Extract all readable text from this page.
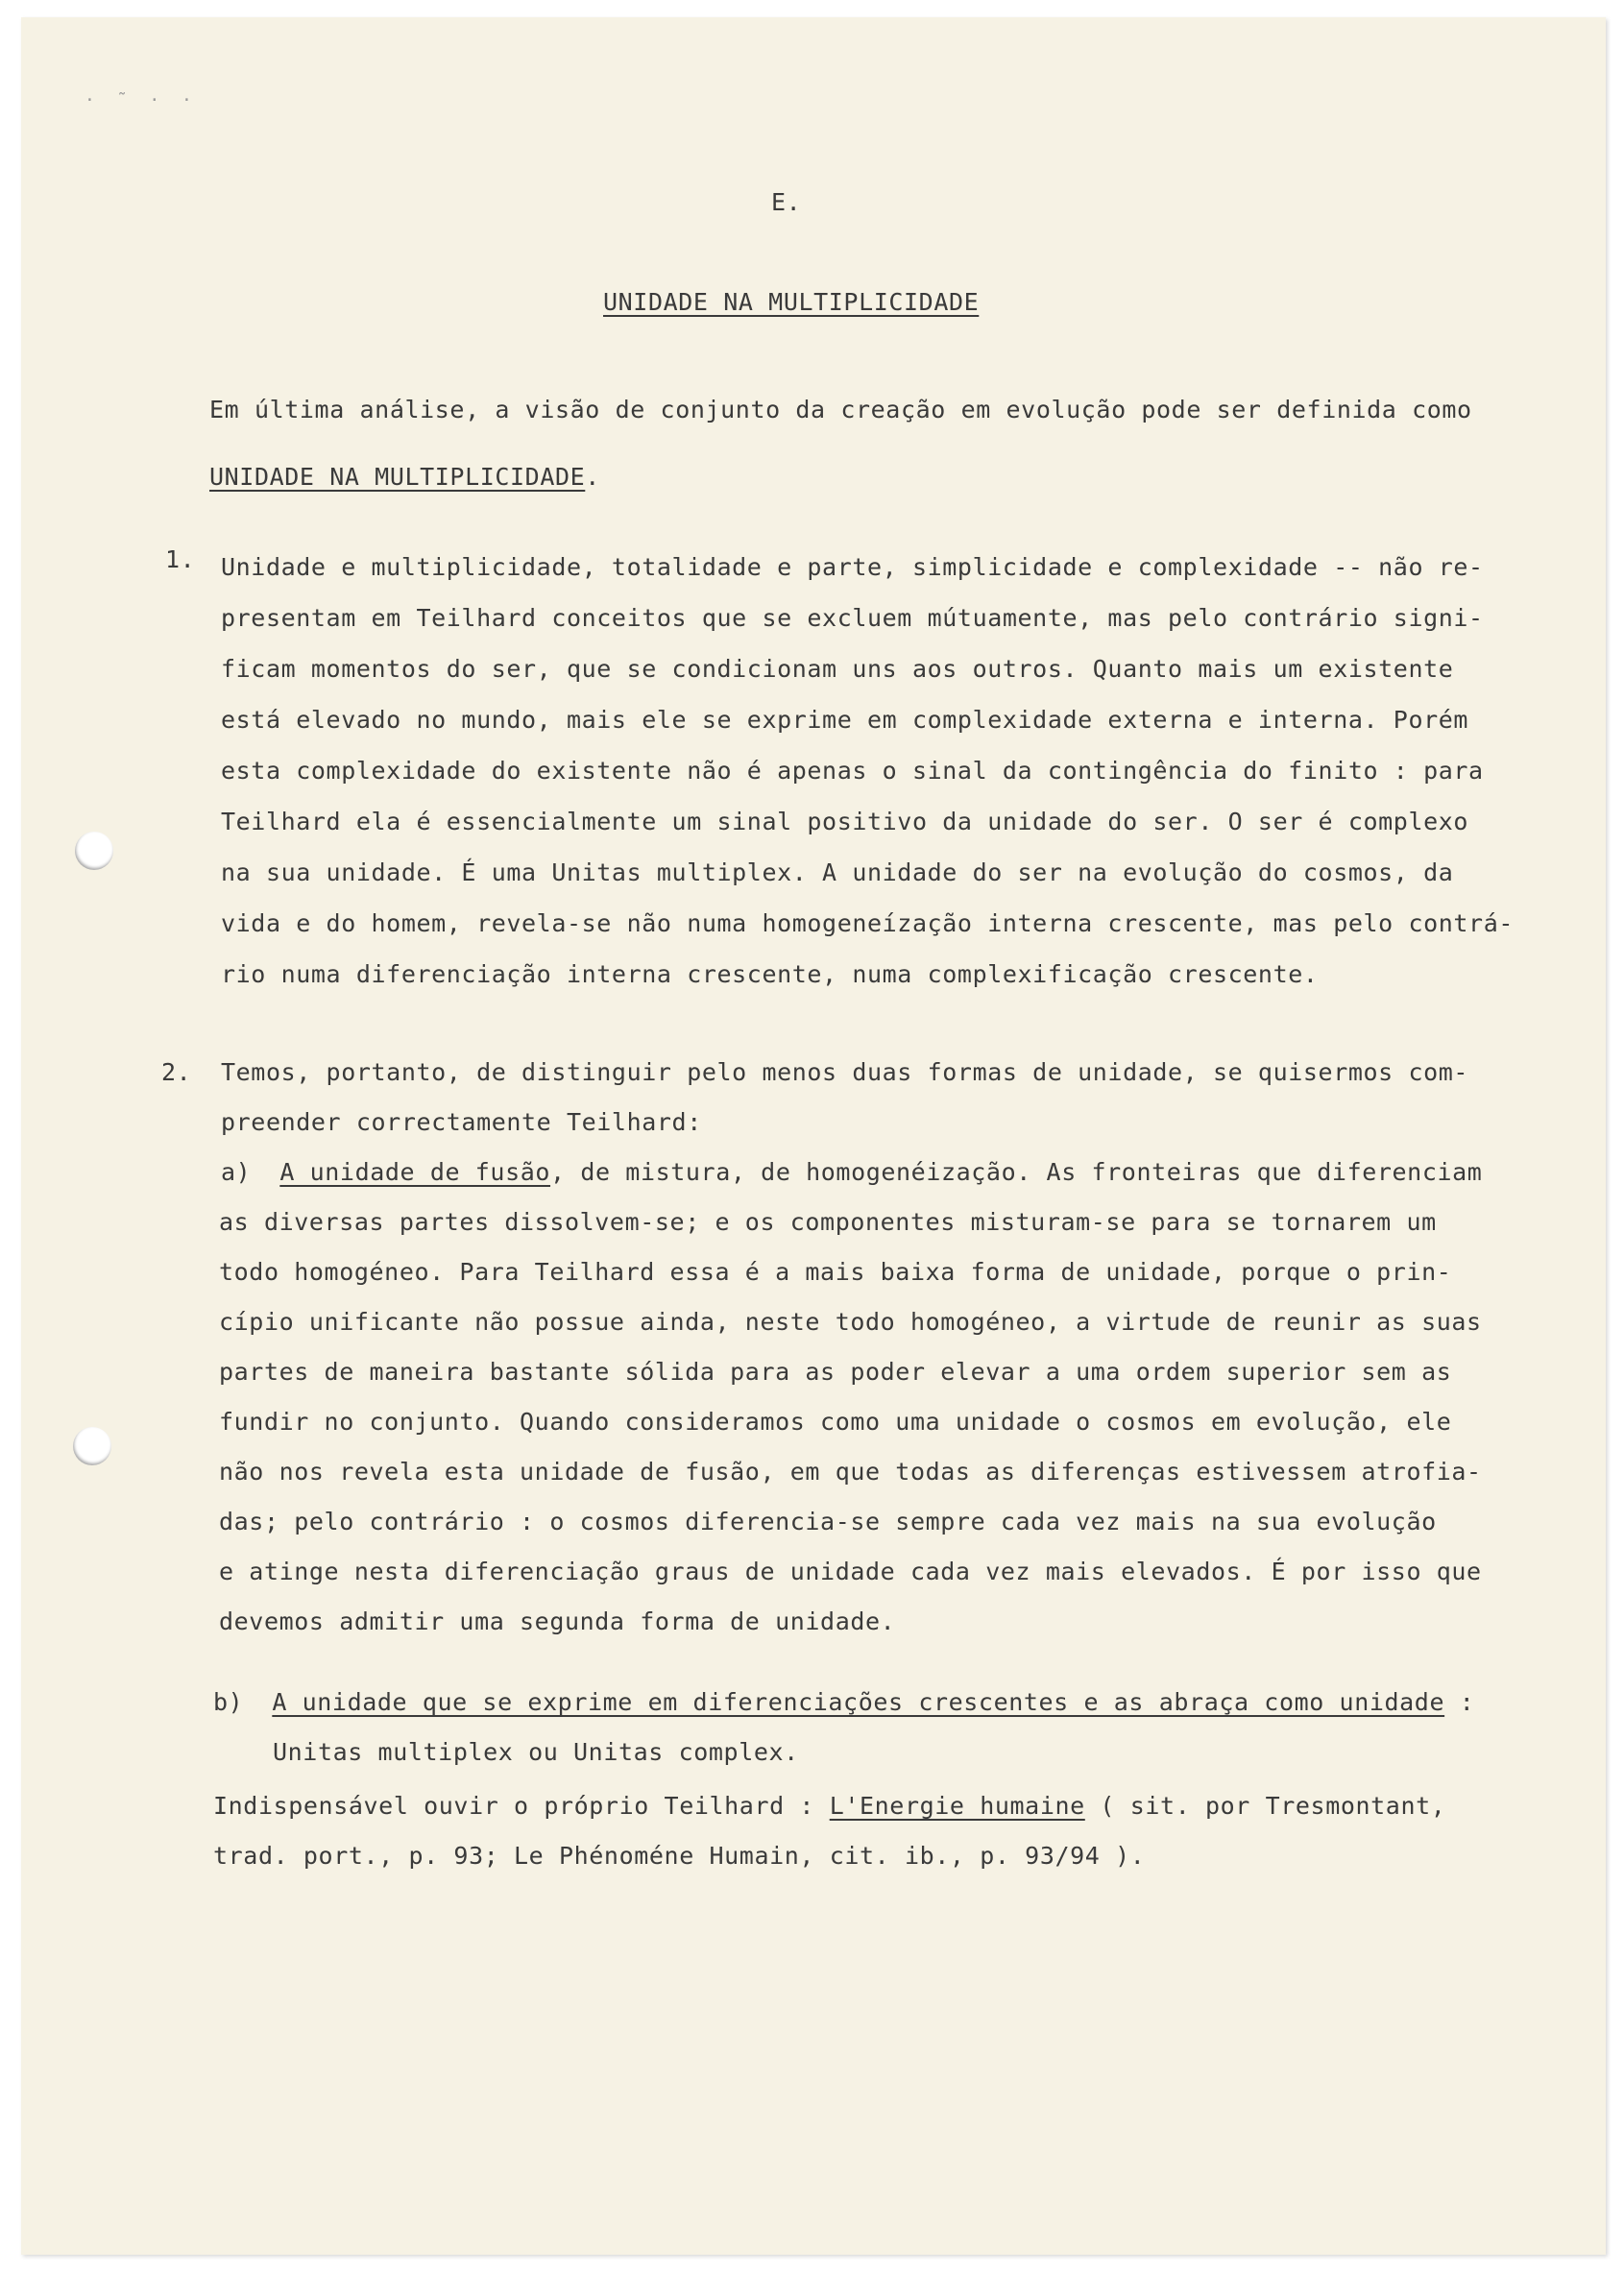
· ˜ · ·
E.
UNIDADE NA MULTIPLICIDADE
Em última análise, a visão de conjunto da creação em evolução pode ser definida como
UNIDADE NA MULTIPLICIDADE.
1. Unidade e multiplicidade, totalidade e parte, simplicidade e complexidade -- não re-
presentam em Teilhard conceitos que se excluem mútuamente, mas pelo contrário signi-
ficam momentos do ser, que se condicionam uns aos outros. Quanto mais um existente
está elevado no mundo, mais ele se exprime em complexidade externa e interna. Porém
esta complexidade do existente não é apenas o sinal da contingência do finito : para
Teilhard ela é essencialmente um sinal positivo da unidade do ser. O ser é complexo
na sua unidade. É uma Unitas multiplex. A unidade do ser na evolução do cosmos, da
vida e do homem, revela-se não numa homogeneízação interna crescente, mas pelo contrá-
rio numa diferenciação interna crescente, numa complexificação crescente.
2. Temos, portanto, de distinguir pelo menos duas formas de unidade, se quisermos com-
preender correctamente Teilhard:
a) A unidade de fusão, de mistura, de homogenéização. As fronteiras que diferenciam
as diversas partes dissolvem-se; e os componentes misturam-se para se tornarem um
todo homogéneo. Para Teilhard essa é a mais baixa forma de unidade, porque o prin-
cípio unificante não possue ainda, neste todo homogéneo, a virtude de reunir as suas
partes de maneira bastante sólida para as poder elevar a uma ordem superior sem as
fundir no conjunto. Quando consideramos como uma unidade o cosmos em evolução, ele
não nos revela esta unidade de fusão, em que todas as diferenças estivessem atrofia-
das; pelo contrário : o cosmos diferencia-se sempre cada vez mais na sua evolução
e atinge nesta diferenciação graus de unidade cada vez mais elevados. É por isso que
devemos admitir uma segunda forma de unidade.
b) A unidade que se exprime em diferenciações crescentes e as abraça como unidade :
Unitas multiplex ou Unitas complex.
Indispensável ouvir o próprio Teilhard : L'Energie humaine ( sit. por Tresmontant,
trad. port., p. 93; Le Phénoméne Humain, cit. ib., p. 93/94 ).
